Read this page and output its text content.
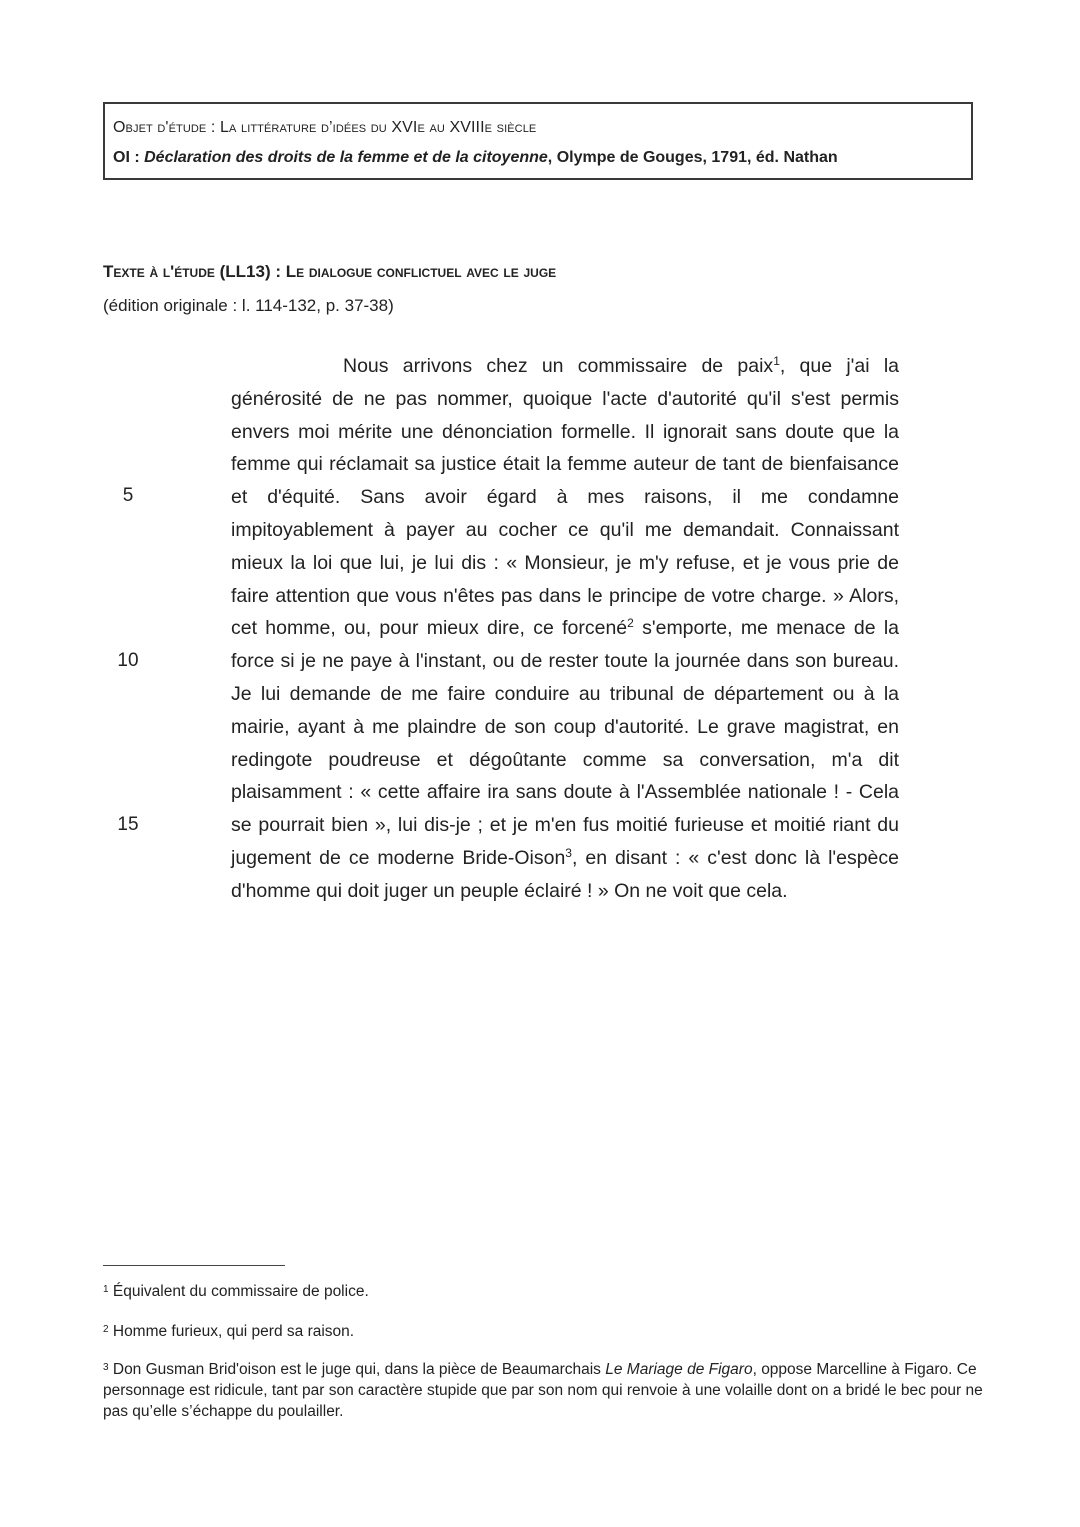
Objet d'étude : La littérature d’idées du XVIe au XVIIIe siècle
OI : Déclaration des droits de la femme et de la citoyenne, Olympe de Gouges, 1791, éd. Nathan
Texte à l'étude (LL13) : Le dialogue conflictuel avec le juge
(édition originale : l. 114-132, p. 37-38)
Nous arrivons chez un commissaire de paix$^1$, que j'ai la générosité de ne pas nommer, quoique l'acte d'autorité qu'il s'est permis envers moi mérite une dénonciation formelle. Il ignorait sans doute que la femme qui réclamait sa justice était la femme auteur de tant de bienfaisance et d'équité. Sans avoir égard à mes raisons, il me condamne impitoyablement à payer au cocher ce qu'il me demandait. Connaissant mieux la loi que lui, je lui dis : « Monsieur, je m'y refuse, et je vous prie de faire attention que vous n'êtes pas dans le principe de votre charge. » Alors, cet homme, ou, pour mieux dire, ce forcené$^2$ s'emporte, me menace de la force si je ne paye à l'instant, ou de rester toute la journée dans son bureau. Je lui demande de me faire conduire au tribunal de département ou à la mairie, ayant à me plaindre de son coup d'autorité. Le grave magistrat, en redingote poudreuse et dégoûtante comme sa conversation, m'a dit plaisamment : « cette affaire ira sans doute à l'Assemblée nationale ! - Cela se pourrait bien », lui dis-je ; et je m'en fus moitié furieuse et moitié riant du jugement de ce moderne Bride-Oison$^3$, en disant : « c'est donc là l'espèce d'homme qui doit juger un peuple éclairé ! » On ne voit que cela.
5
10
15
$^1$ Équivalent du commissaire de police.
$^2$ Homme furieux, qui perd sa raison.
$^3$ Don Gusman Brid'oison est le juge qui, dans la pièce de Beaumarchais Le Mariage de Figaro, oppose Marcelline à Figaro. Ce personnage est ridicule, tant par son caractère stupide que par son nom qui renvoie à une volaille dont on a bridé le bec pour ne pas qu’elle s’échappe du poulailler.
